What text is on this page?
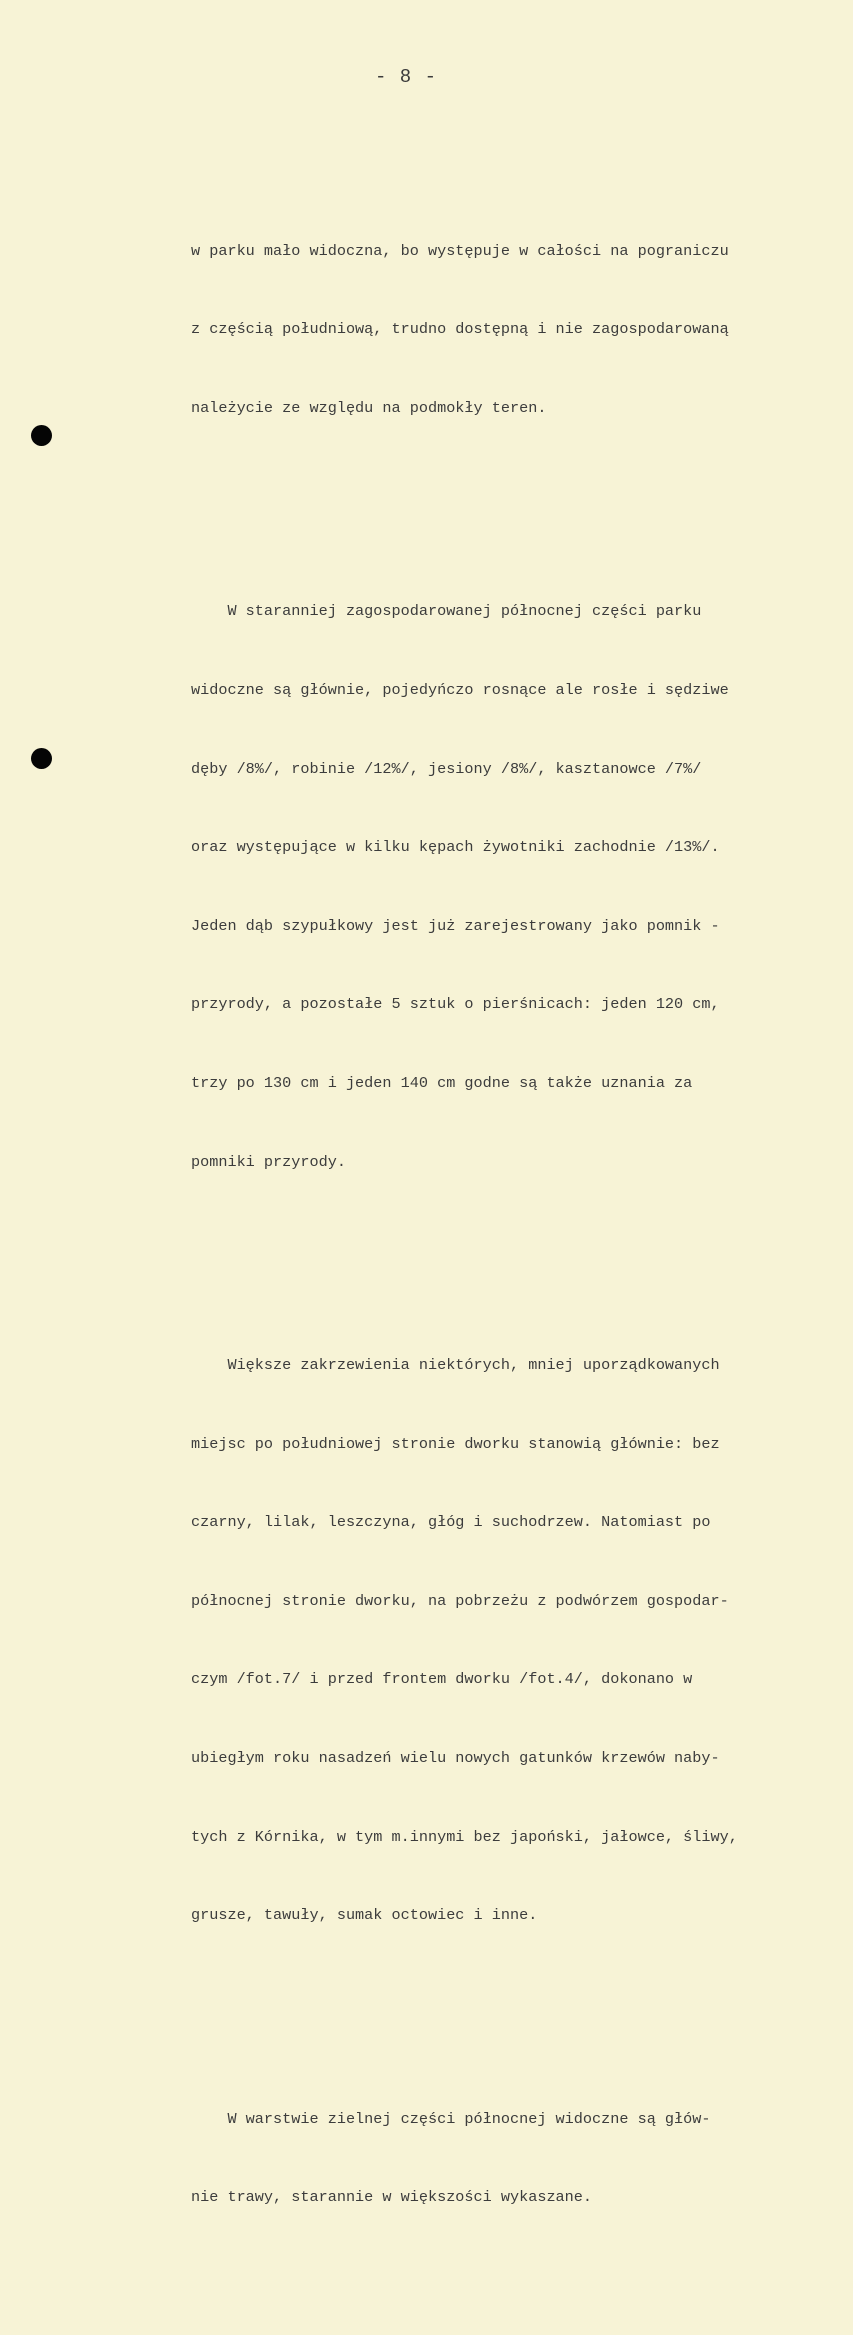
- 8 -

w parku mało widoczna, bo występuje w całości na pograniczu

z częścią południową, trudno dostępną i nie zagospodarowaną

należycie ze względu na podmokły teren.

W staranniej zagospodarowanej północnej części parku

widoczne są głównie, pojedyńczo rosnące ale rosłe i sędziwe

dęby /8%/, robinie /12%/, jesiony /8%/, kasztanowce /7%/

oraz występujące w kilku kępach żywotniki zachodnie /13%/.

Jeden dąb szypułkowy jest już zarejestrowany jako pomnik -

przyrody, a pozostałe 5 sztuk o pierśnicach: jeden 120 cm,

trzy po 130 cm i jeden 140 cm godne są także uznania za

pomniki przyrody.

Większe zakrzewienia niektórych, mniej uporządkowanych

miejsc po południowej stronie dworku stanowią głównie: bez

czarny, lilak, leszczyna, głóg i suchodrzew. Natomiast po

północnej stronie dworku, na pobrzeżu z podwórzem gospodar-

czym /fot.7/ i przed frontem dworku /fot.4/, dokonano w

ubiegłym roku nasadzeń wielu nowych gatunków krzewów naby-

tych z Kórnika, w tym m.innymi bez japoński, jałowce, śliwy,

grusze, tawuły, sumak octowiec i inne.

W warstwie zielnej części północnej widoczne są głów-

nie trawy, starannie w większości wykaszane.
